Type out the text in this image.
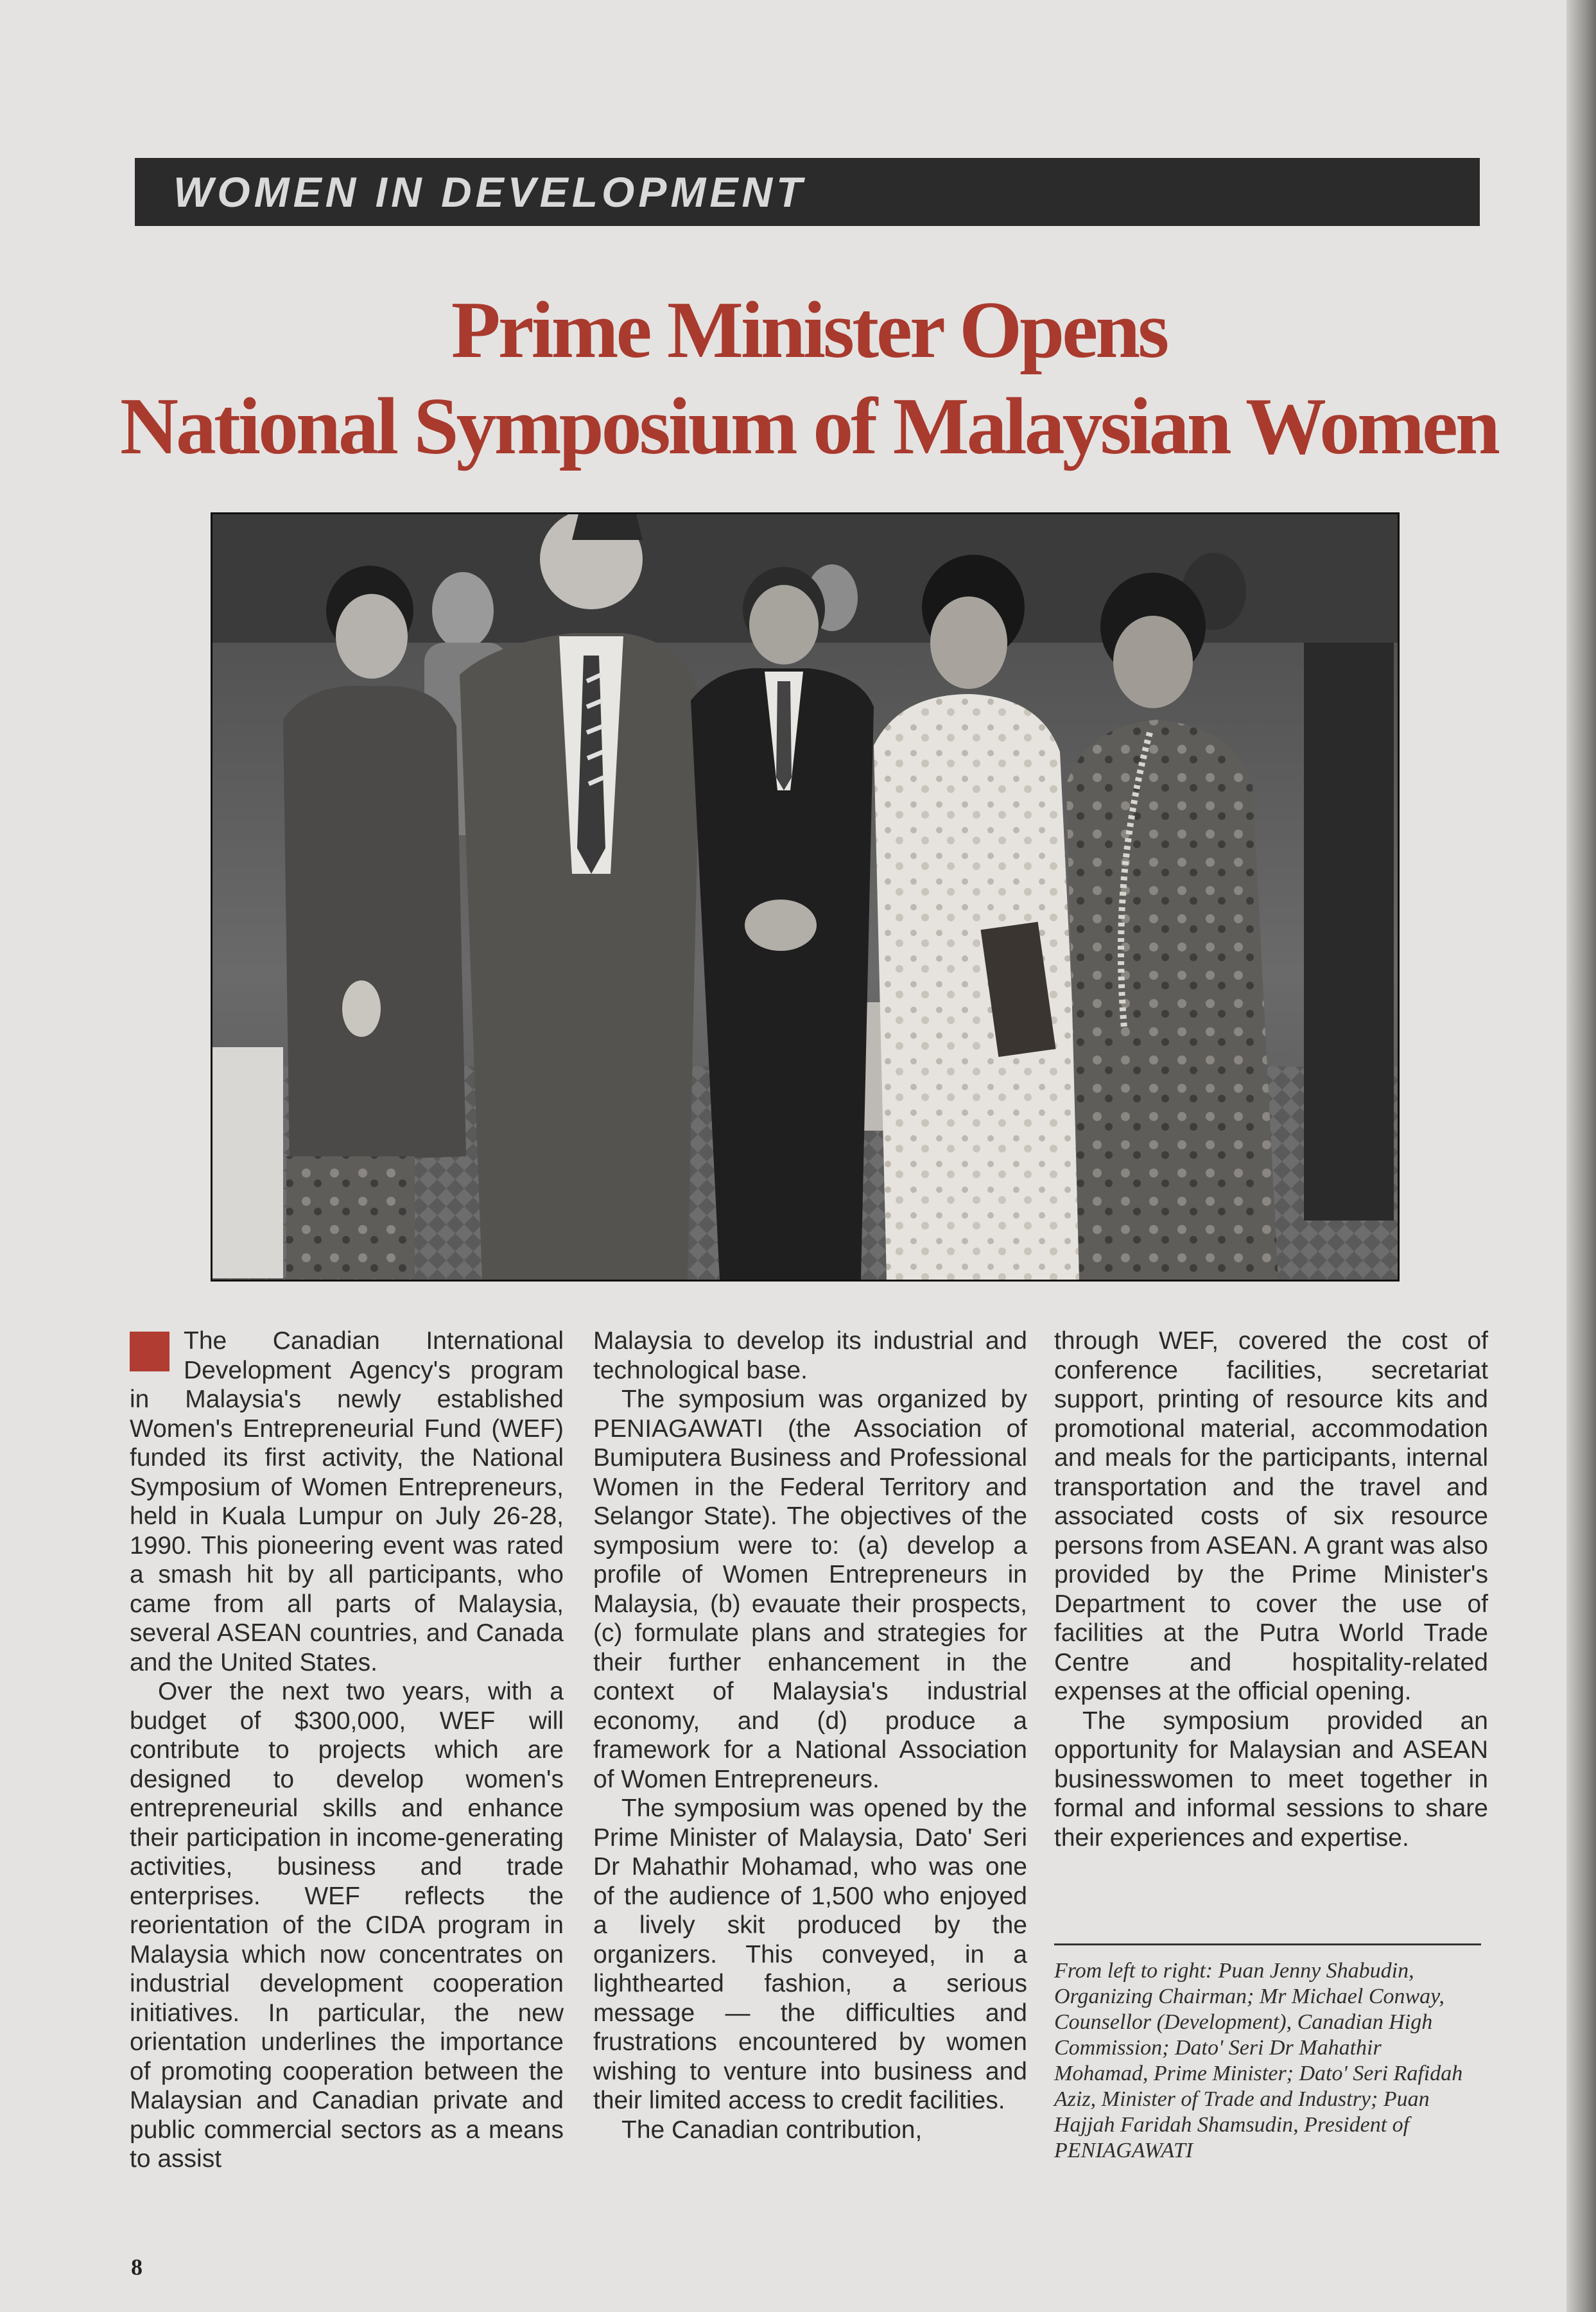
WOMEN IN DEVELOPMENT
Prime Minister Opens
National Symposium of Malaysian Women

The Canadian International Development Agency's program in Malaysia's newly established Women's Entrepreneurial Fund (WEF) funded its first activity, the National Symposium of Women Entrepreneurs, held in Kuala Lumpur on July 26-28, 1990. This pioneering event was rated a smash hit by all participants, who came from all parts of Malaysia, several ASEAN countries, and Canada and the United States.

Over the next two years, with a budget of $300,000, WEF will contribute to projects which are designed to develop women's entrepreneurial skills and enhance their participation in income-generating activities, business and trade enterprises. WEF reflects the reorientation of the CIDA program in Malaysia which now concentrates on industrial development cooperation initiatives. In particular, the new orientation underlines the importance of promoting cooperation between the Malaysian and Canadian private and public commercial sectors as a means to assist

Malaysia to develop its industrial and technological base.

The symposium was organized by PENIAGAWATI (the Association of Bumiputera Business and Professional Women in the Federal Territory and Selangor State). The objectives of the symposium were to: (a) develop a profile of Women Entrepreneurs in Malaysia, (b) evauate their prospects, (c) formulate plans and strategies for their further enhancement in the context of Malaysia's industrial economy, and (d) produce a framework for a National Association of Women Entrepreneurs.

The symposium was opened by the Prime Minister of Malaysia, Dato' Seri Dr Mahathir Mohamad, who was one of the audience of 1,500 who enjoyed a lively skit produced by the organizers. This conveyed, in a lighthearted fashion, a serious message — the difficulties and frustrations encountered by women wishing to venture into business and their limited access to credit facilities.

The Canadian contribution,

through WEF, covered the cost of conference facilities, secretariat support, printing of resource kits and promotional material, accommodation and meals for the participants, internal transportation and the travel and associated costs of six resource persons from ASEAN. A grant was also provided by the Prime Minister's Department to cover the use of facilities at the Putra World Trade Centre and hospitality-related expenses at the official opening.

The symposium provided an opportunity for Malaysian and ASEAN businesswomen to meet together in formal and informal sessions to share their experiences and expertise.

From left to right: Puan Jenny Shabudin, Organizing Chairman; Mr Michael Conway, Counsellor (Development), Canadian High Commission; Dato' Seri Dr Mahathir Mohamad, Prime Minister; Dato' Seri Rafidah Aziz, Minister of Trade and Industry; Puan Hajjah Faridah Shamsudin, President of PENIAGAWATI
8
